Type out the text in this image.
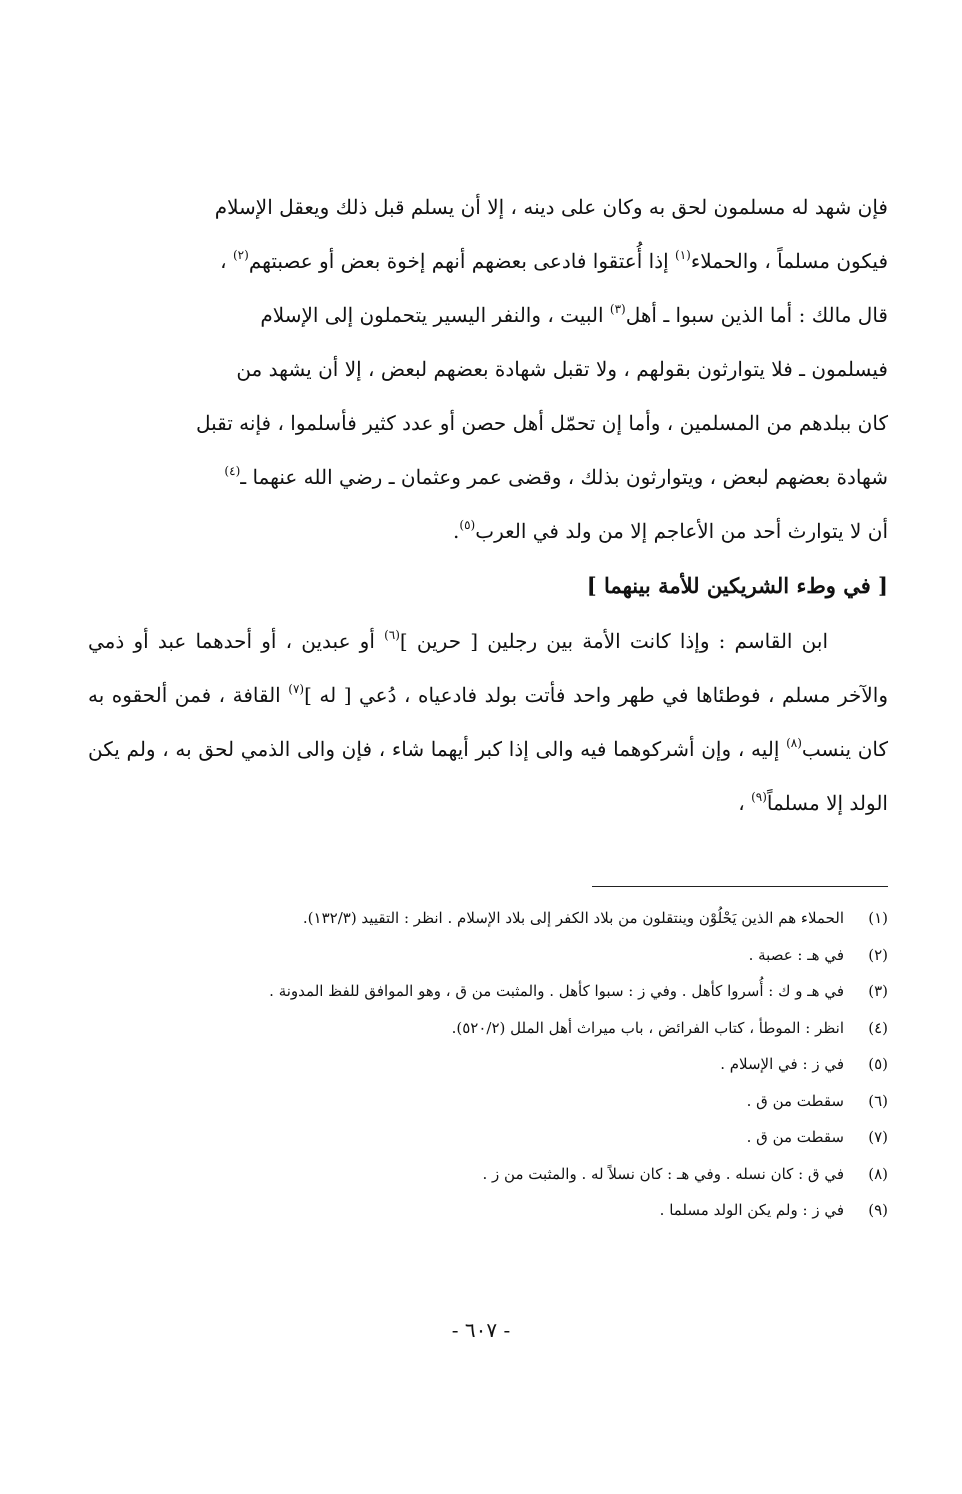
فإن شهد له مسلمون لحق به وكان على دينه ، إلا أن يسلم قبل ذلك ويعقل الإسلام
فيكون مسلماً ، والحملاء$^{(١)}$ إذا أُعتقوا فادعى بعضهم أنهم إخوة بعض أو عصبتهم$^{(٢)}$ ،
قال مالك : أما الذين سبوا ـ أهل$^{(٣)}$ البيت ، والنفر اليسير يتحملون إلى الإسلام
فيسلمون ـ فلا يتوارثون بقولهم ، ولا تقبل شهادة بعضهم لبعض ، إلا أن يشهد من
كان ببلدهم من المسلمين ، وأما إن تحمّل أهل حصن أو عدد كثير فأسلموا ، فإنه تقبل
شهادة بعضهم لبعض ، ويتوارثون بذلك ، وقضى عمر وعثمان ـ رضي الله عنهما ـ$^{(٤)}$
أن لا يتوارث أحد من الأعاجم إلا من ولد في العرب$^{(٥)}$.

[ في وطء الشريكين للأمة بينهما ]

ابن القاسم : وإذا كانت الأمة بين رجلين [ حرين ]$^{(٦)}$ أو عبدين ، أو أحدهما عبد أو ذمي والآخر مسلم ، فوطئاها في طهر واحد فأتت بولد فادعياه ، دُعي [ له ]$^{(٧)}$ القافة ، فمن ألحقوه به كان ينسب$^{(٨)}$ إليه ، وإن أشركوهما فيه والى إذا كبر أيهما شاء ، فإن والى الذمي لحق به ، ولم يكن الولد إلا مسلماً$^{(٩)}$ ،

(١)الحملاء هم الذين يَحْلُوْن وينتقلون من بلاد الكفر إلى بلاد الإسلام . انظر : التقييد (١٣٢/٣).
(٢)في هـ : عصبة .
(٣)في هـ و ك : أُسروا كأهل . وفي ز : سبوا كأهل . والمثبت من ق ، وهو الموافق للفظ المدونة .
(٤)انظر : الموطأ ، كتاب الفرائض ، باب ميراث أهل الملل (٥٢٠/٢).
(٥)في ز : في الإسلام .
(٦)سقطت من ق .
(٧)سقطت من ق .
(٨)في ق : كان نسله . وفي هـ : كان نسلاً له . والمثبت من ز .
(٩)في ز : ولم يكن الولد مسلما .
- ٦٠٧ -
